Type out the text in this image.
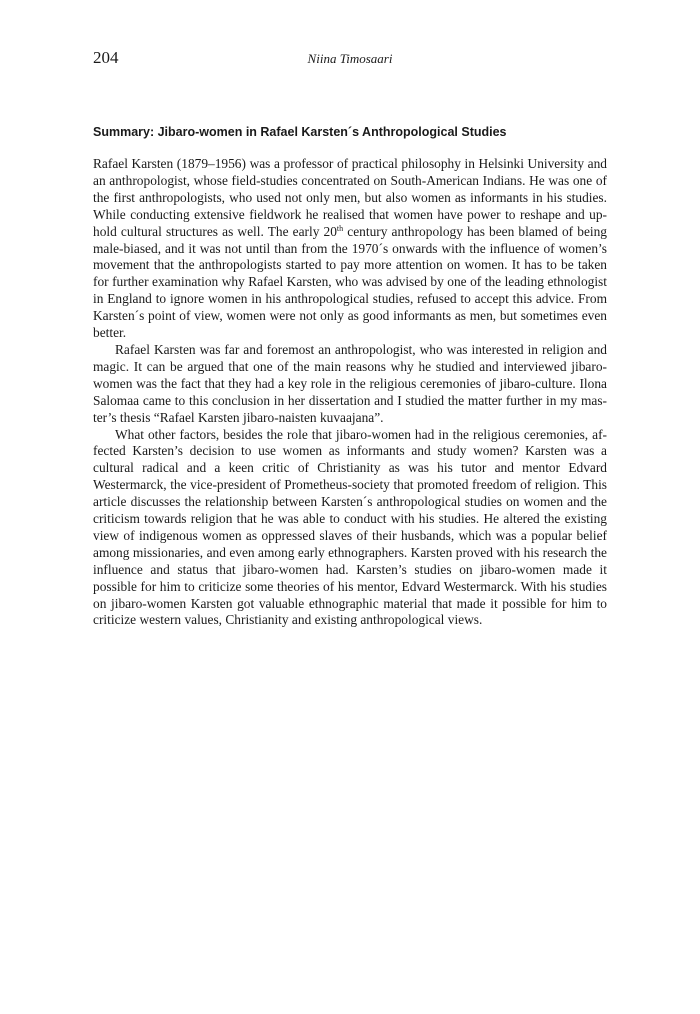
204	Niina Timosaari
Summary: Jibaro-women in Rafael Karsten´s Anthropological Studies

Rafael Karsten (1879–1956) was a professor of practical philosophy in Helsinki University and an anthropologist, whose field-studies concentrated on South-American Indians. He was one of the first anthropologists, who used not only men, but also women as informants in his studies. While conducting extensive fieldwork he realised that women have power to reshape and uphold cultural structures as well. The early 20th century anthropology has been blamed of being male-biased, and it was not until than from the 1970´s onwards with the influence of women’s movement that the anthropologists started to pay more attention on women. It has to be taken for further examination why Rafael Karsten, who was advised by one of the leading ethnologist in England to ignore women in his anthropological studies, refused to accept this advice. From Karsten´s point of view, women were not only as good informants as men, but sometimes even better.

Rafael Karsten was far and foremost an anthropologist, who was interested in religion and magic. It can be argued that one of the main reasons why he studied and interviewed jibaro-women was the fact that they had a key role in the religious ceremonies of jibaro-culture. Ilona Salomaa came to this conclusion in her dissertation and I studied the matter further in my master’s thesis “Rafael Karsten jibaro-naisten kuvaajana”.

What other factors, besides the role that jibaro-women had in the religious ceremonies, affected Karsten’s decision to use women as informants and study women? Karsten was a cultural radical and a keen critic of Christianity as was his tutor and mentor Edvard Westermarck, the vice-president of Prometheus-society that promoted freedom of religion. This article discusses the relationship between Karsten´s anthropological studies on women and the criticism towards religion that he was able to conduct with his studies. He altered the existing view of indigenous women as oppressed slaves of their husbands, which was a popular belief among missionaries, and even among early ethnographers. Karsten proved with his research the influence and status that jibaro-women had. Karsten’s studies on jibaro-women made it possible for him to criticize some theories of his mentor, Edvard Westermarck. With his studies on jibaro-women Karsten got valuable ethnographic material that made it possible for him to criticize western values, Christianity and existing anthropological views.
